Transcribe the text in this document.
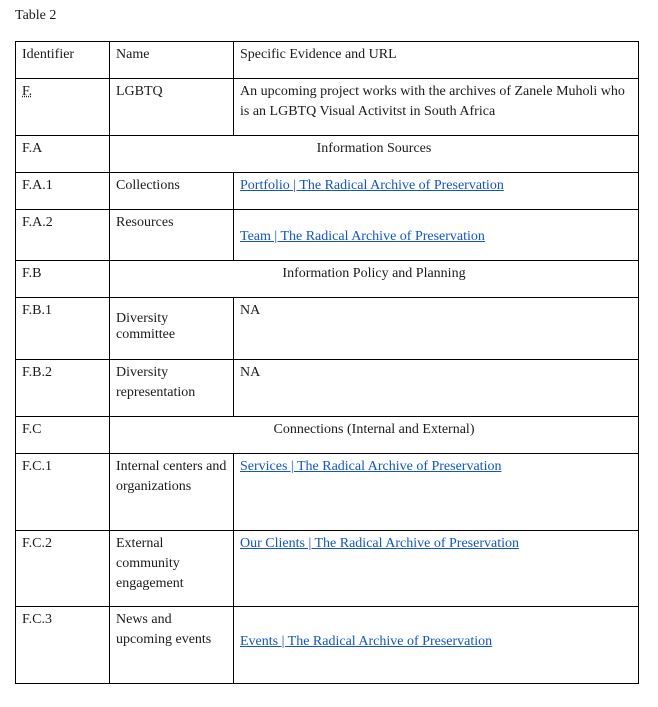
Table 2
Identifier	Name	Specific Evidence and URL
F.	LGBTQ	An upcoming project works with the archives of Zanele Muholi who is an LGBTQ Visual Activitst in South Africa
F.A	Information Sources	
F.A.1	Collections	Portfolio | The Radical Archive of Preservation
F.A.2	Resources	Team | The Radical Archive of Preservation
F.B	Information Policy and Planning	
F.B.1	Diversity committee	NA
F.B.2	Diversity representation	NA
F.C	Connections (Internal and External)	
F.C.1	Internal centers and organizations	Services | The Radical Archive of Preservation
F.C.2	External community engagement	Our Clients | The Radical Archive of Preservation
F.C.3	News and upcoming events	Events | The Radical Archive of Preservation
